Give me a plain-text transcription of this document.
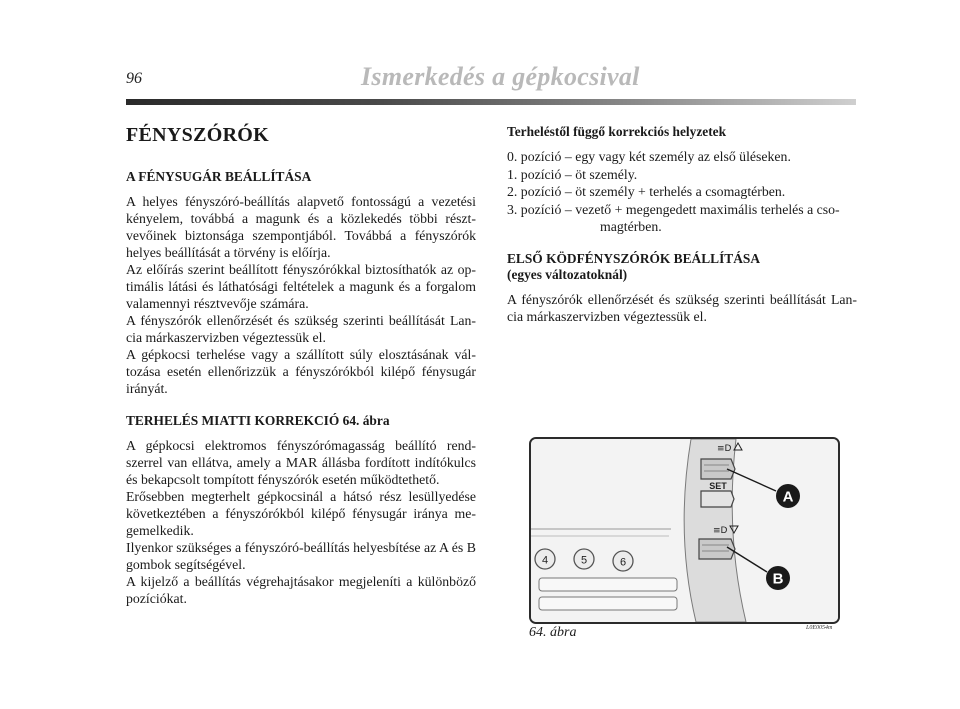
96	Ismerkedés a gépkocsival
FÉNYSZÓRÓK
A FÉNYSUGÁR BEÁLLÍTÁSA

A helyes fényszóró-beállítás alapvető fontosságú a vezetési kényelem, továbbá a magunk és a közlekedés többi részt-vevőinek biztonsága szempontjából. Továbbá a fényszórók helyes beállítását a törvény is előírja.

Az előírás szerint beállított fényszórókkal biztosíthatók az op-timális látási és láthatósági feltételek a magunk és a forgalom valamennyi résztvevője számára.

A fényszórók ellenőrzését és szükség szerinti beállítását Lan-cia márkaszervizben végeztessük el.

A gépkocsi terhelése vagy a szállított súly elosztásának vál-tozása esetén ellenőrizzük a fényszórókból kilépő fénysugár irányát.

TERHELÉS MIATTI KORREKCIÓ 64. ábra

A gépkocsi elektromos fényszórómagasság beállító rend-szerrel van ellátva, amely a MAR állásba fordított indítókulcs és bekapcsolt tompított fényszórók esetén működtethető.

Erősebben megterhelt gépkocsinál a hátsó rész lesüllyedése következtében a fényszórókból kilépő fénysugár iránya me-gemelkedik.

Ilyenkor szükséges a fényszóró-beállítás helyesbítése az A és B gombok segítségével.

A kijelző a beállítás végrehajtásakor megjeleníti a különböző pozíciókat.

Terheléstől függő korrekciós helyzetek

0. pozíció – egy vagy két személy az első üléseken.

1. pozíció – öt személy.

2. pozíció – öt személy + terhelés a csomagtérben.

3. pozíció – vezető + megengedett maximális terhelés a cso-

magtérben.

ELSŐ KÖDFÉNYSZÓRÓK BEÁLLÍTÁSA
(egyes változatoknál)

A fényszórók ellenőrzését és szükség szerinti beállítását Lan-cia márkaszervizben végeztessük el.

4	5	6
≡D
SET
≡D
A
B
64. ábra	L0E0054m
